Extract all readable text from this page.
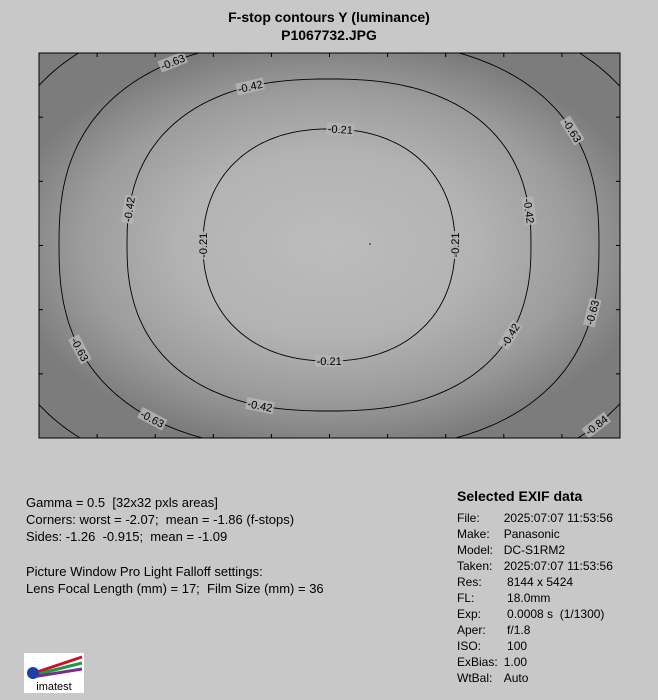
F-stop contours Y (luminance)
P1067732.JPG
-0.21
-0.21
-0.21
-0.21
-0.42
-0.42
-0.42
-0.42
-0.42
-0.63
-0.63
-0.63
-0.63
-0.63
-0.84
Gamma = 0.5  [32x32 pxls areas]
Corners: worst = -2.07;  mean = -1.86 (f-stops)
Sides: -1.26  -0.915;  mean = -1.09
Picture Window Pro Light Falloff settings:
Lens Focal Length (mm) = 17;  Film Size (mm) = 36
Selected EXIF data
File:	2025:07:07 11:53:56
Make:	Panasonic
Model:	DC-S1RM2
Taken:	2025:07:07 11:53:56
Res:	8144 x 5424
FL:	18.0mm
Exp:	0.0008 s  (1/1300)
Aper:	f/1.8
ISO:	100
ExBias:	1.00
WtBal:	Auto
imatest
